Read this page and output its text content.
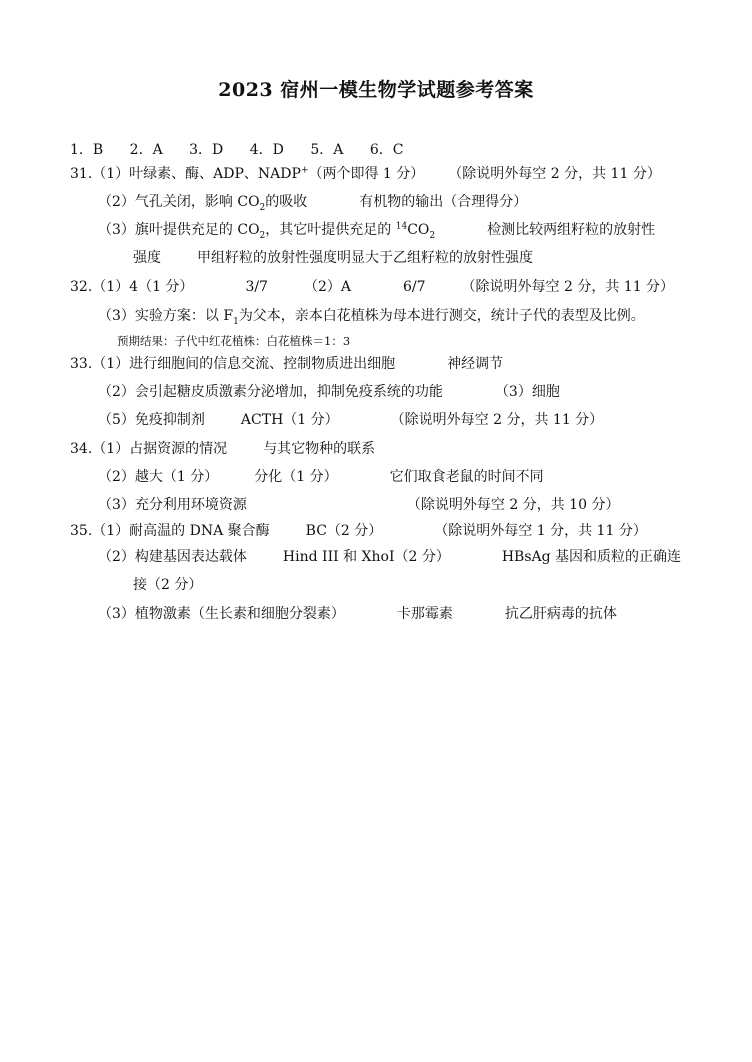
2023 宿州一模生物学试题参考答案
1．B 2．A 3．D 4．D 5．A 6．C
31.（1）叶绿素、酶、ADP、NADP+（两个即得 1 分） （除说明外每空 2 分，共 11 分）
（2）气孔关闭，影响 $CO_2$的吸收	有机物的输出（合理得分）
（3）旗叶提供充足的 $CO_2$，其它叶提供充足的 $^{14}CO_2$	检测比较两组籽粒的放射性
强度	甲组籽粒的放射性强度明显大于乙组籽粒的放射性强度
32.（1）4（1 分）	3/7	（2）A	6/7	（除说明外每空 2 分，共 11 分）
（3）实验方案：以 $F_1$为父本，亲本白花植株为母本进行测交，统计子代的表型及比例。
预期结果：子代中红花植株：白花植株＝1：3
33.（1）进行细胞间的信息交流、控制物质进出细胞	神经调节
（2）会引起糖皮质激素分泌增加，抑制免疫系统的功能	（3）细胞
（5）免疫抑制剂	ACTH（1 分）	（除说明外每空 2 分，共 11 分）
34.（1）占据资源的情况	与其它物种的联系
（2）越大（1 分）	分化（1 分）	它们取食老鼠的时间不同
（3）充分利用环境资源	（除说明外每空 2 分，共 10 分）
35.（1）耐高温的 DNA 聚合酶	BC（2 分）	（除说明外每空 1 分，共 11 分）
（2）构建基因表达载体	Hind III 和 XhoI（2 分）	HBsAg 基因和质粒的正确连
接（2 分）
（3）植物激素（生长素和细胞分裂素）	卡那霉素	抗乙肝病毒的抗体
